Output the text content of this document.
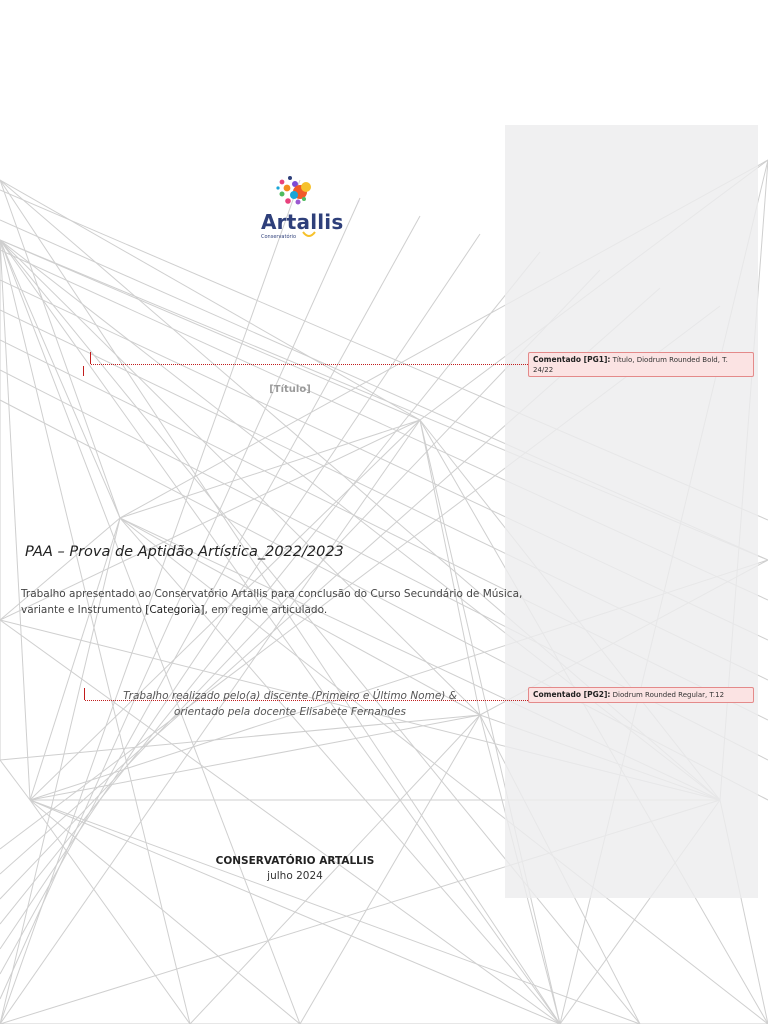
Artallis
Conservatório
Comentado [PG1]: Título, Diodrum Rounded Bold, T. 24/22
Comentado [PG2]: Diodrum Rounded Regular, T.12
[Título]
PAA – Prova de Aptidão Artística_2022/2023
Trabalho apresentado ao Conservatório Artallis para conclusão do Curso Secundário de Música,
variante e Instrumento [Categoria], em regime articulado.
Trabalho realizado pelo(a) discente (Primeiro e Último Nome) &
orientado pela docente Elisabete Fernandes
CONSERVATÓRIO ARTALLIS
julho 2024
